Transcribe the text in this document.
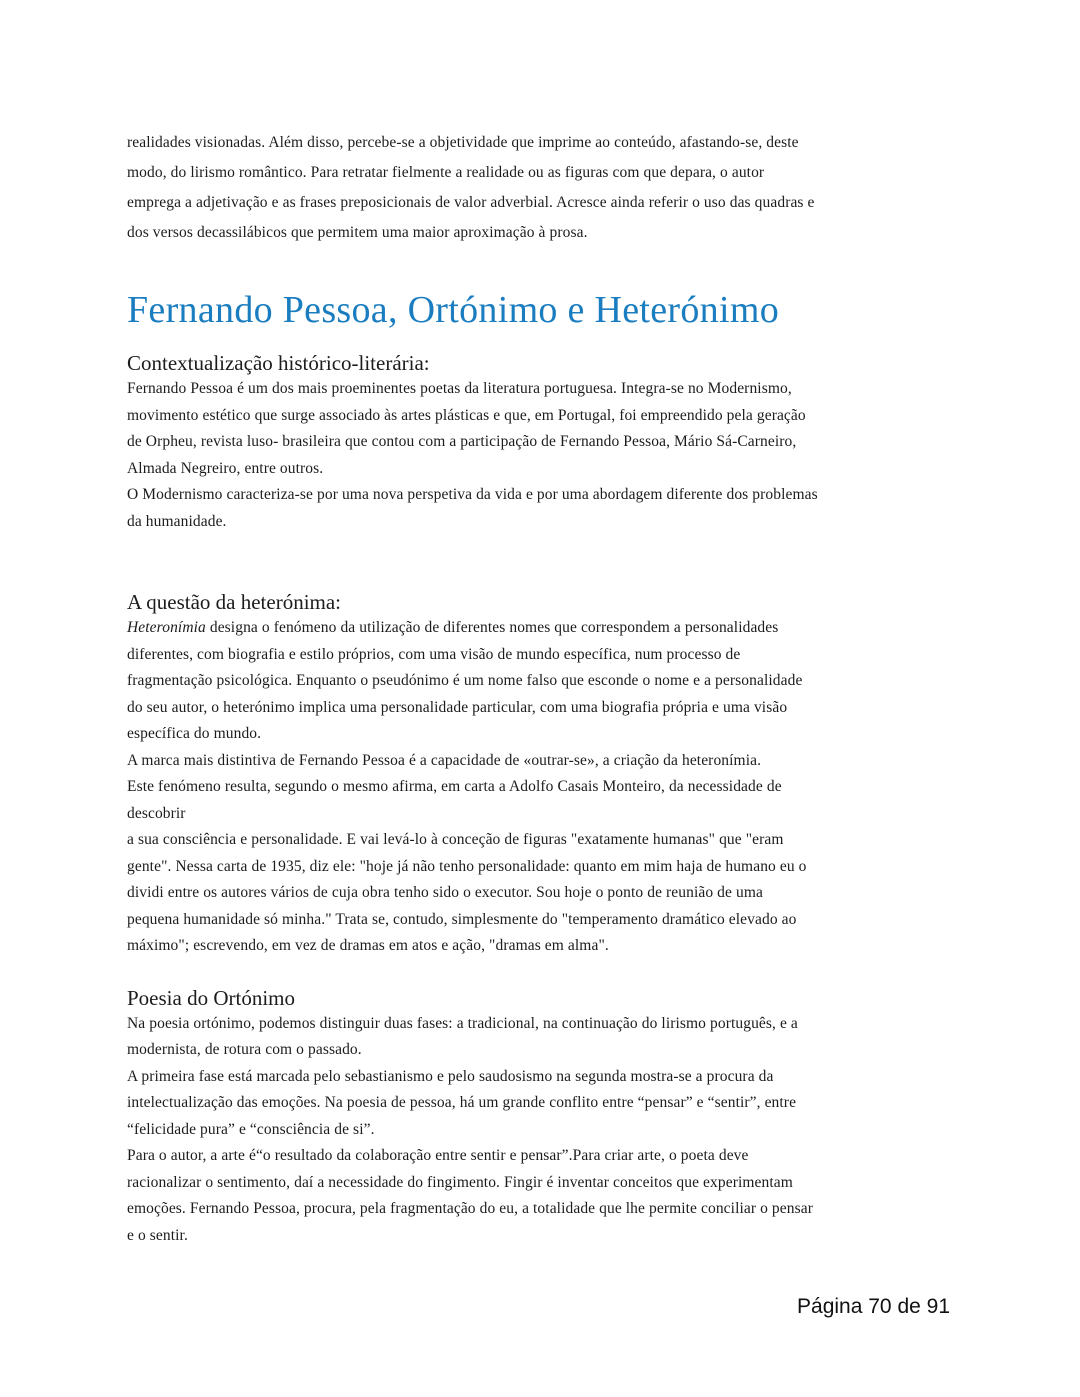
realidades visionadas. Além disso, percebe-se a objetividade que imprime ao conteúdo, afastando-se, deste

modo, do lirismo romântico. Para retratar fielmente a realidade ou as figuras com que depara, o autor

emprega a adjetivação e as frases preposicionais de valor adverbial. Acresce ainda referir o uso das quadras e

dos versos decassilábicos que permitem uma maior aproximação à prosa.

Fernando Pessoa, Ortónimo e Heterónimo
Contextualização histórico-literária:

Fernando Pessoa é um dos mais proeminentes poetas da literatura portuguesa. Integra-se no Modernismo,

movimento estético que surge associado às artes plásticas e que, em Portugal, foi empreendido pela geração

de Orpheu, revista luso- brasileira que contou com a participação de Fernando Pessoa, Mário Sá-Carneiro,

Almada Negreiro, entre outros.

O Modernismo caracteriza-se por uma nova perspetiva da vida e por uma abordagem diferente dos problemas

da humanidade.

A questão da heterónima:

Heteronímia designa o fenómeno da utilização de diferentes nomes que correspondem a personalidades

diferentes, com biografia e estilo próprios, com uma visão de mundo específica, num processo de

fragmentação psicológica. Enquanto o pseudónimo é um nome falso que esconde o nome e a personalidade

do seu autor, o heterónimo implica uma personalidade particular, com uma biografia própria e uma visão

específica do mundo.

A marca mais distintiva de Fernando Pessoa é a capacidade de «outrar-se», a criação da heteronímia.

Este fenómeno resulta, segundo o mesmo afirma, em carta a Adolfo Casais Monteiro, da necessidade de

descobrir

a sua consciência e personalidade. E vai levá-lo à conceção de figuras "exatamente humanas" que "eram

gente". Nessa carta de 1935, diz ele: "hoje já não tenho personalidade: quanto em mim haja de humano eu o

dividi entre os autores vários de cuja obra tenho sido o executor. Sou hoje o ponto de reunião de uma

pequena humanidade só minha." Trata se, contudo, simplesmente do "temperamento dramático elevado ao

máximo"; escrevendo, em vez de dramas em atos e ação, "dramas em alma".

Poesia do Ortónimo

Na poesia ortónimo, podemos distinguir duas fases: a tradicional, na continuação do lirismo português, e a

modernista, de rotura com o passado.

A primeira fase está marcada pelo sebastianismo e pelo saudosismo na segunda mostra-se a procura da

intelectualização das emoções. Na poesia de pessoa, há um grande conflito entre “pensar” e “sentir”, entre

“felicidade pura” e “consciência de si”.

Para o autor, a arte é“o resultado da colaboração entre sentir e pensar”.Para criar arte, o poeta deve

racionalizar o sentimento, daí a necessidade do fingimento. Fingir é inventar conceitos que experimentam

emoções. Fernando Pessoa, procura, pela fragmentação do eu, a totalidade que lhe permite conciliar o pensar

e o sentir.

Página 70 de 91
